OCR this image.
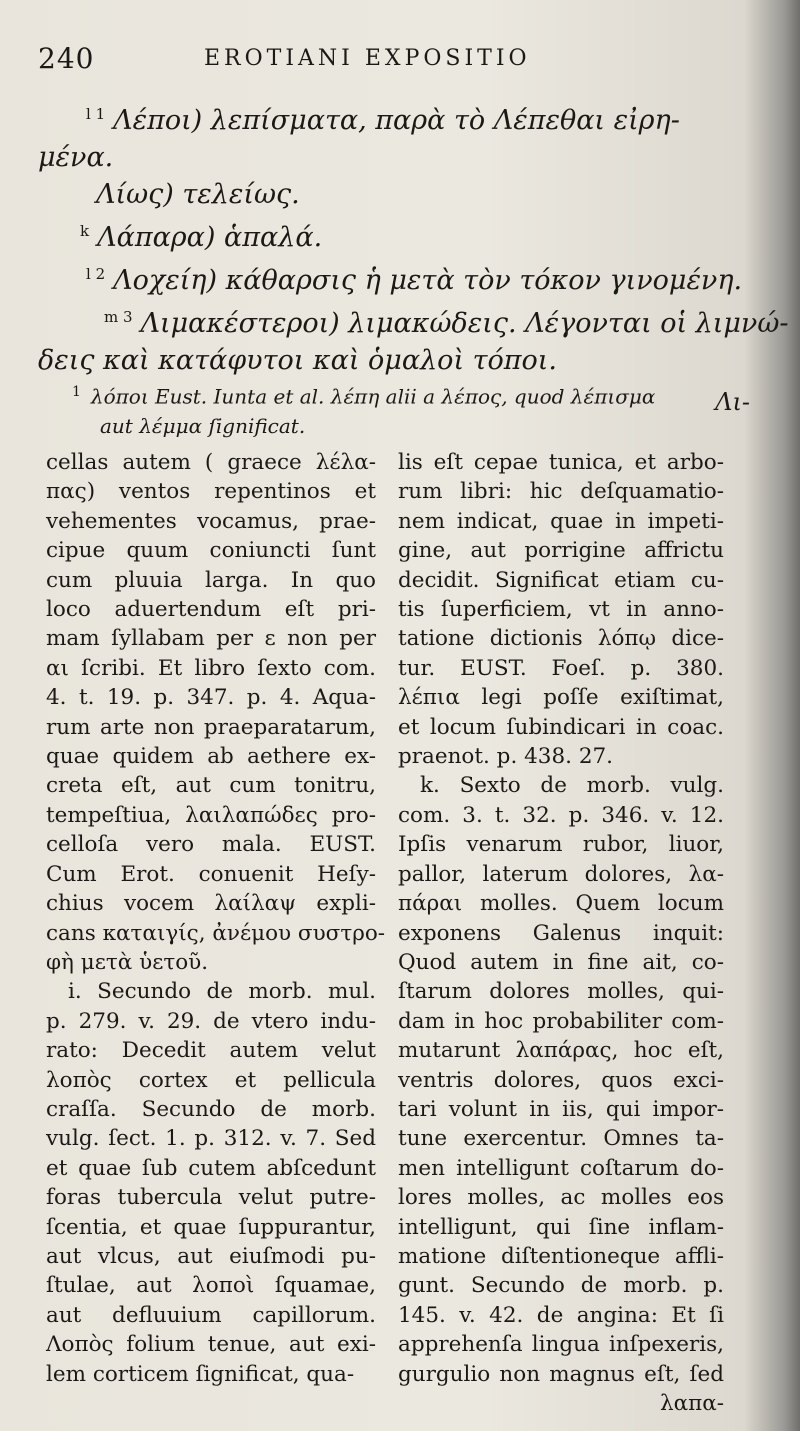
240	EROTIANI EXPOSITIO
$^{l 1}$ Λέποι) λεπίσματα, παρὰ τὸ Λέπεθαι εἰρη-
μένα.
Λίως) τελείως.
$^k$ Λάπαρα) ἁπαλά.
$^{l 2}$ Λοχείη) κάθαρσις ἡ μετὰ τὸν τόκον γινομένη.
$^{m 3}$ Λιμακέστεροι) λιμακώδεις. Λέγονται οἱ λιμνώ-
δεις καὶ κατάφυτοι καὶ ὁμαλοὶ τόποι.
Λι-
$^1$ λόποι Eust. Iunta et al. λέπη alii a λέπος, quod λέπισμα
aut λέμμα ſignificat.
cellas autem ( graece λέλα-
πας) ventos repentinos et
vehementes vocamus, prae-
cipue quum coniuncti ſunt
cum pluuia larga. In quo
loco aduertendum eſt pri-
mam ſyllabam per ε non per
αι ſcribi. Et libro ſexto com.
4. t. 19. p. 347. p. 4. Aqua-
rum arte non praeparatarum,
quae quidem ab aethere ex-
creta eſt, aut cum tonitru,
tempeſtiua, λαιλαπώδες pro-
celloſa vero mala. EUST.
Cum Erot. conuenit Heſy-
chius vocem λαίλαψ expli-
cans καταιγίς, ἀνέμου συστρο-
φὴ μετὰ ὑετοῦ.
i. Secundo de morb. mul.
p. 279. v. 29. de vtero indu-
rato: Decedit autem velut
λοπὸς cortex et pellicula
craſſa. Secundo de morb.
vulg. ſect. 1. p. 312. v. 7. Sed
et quae ſub cutem abſcedunt
foras tubercula velut putre-
ſcentia, et quae ſuppurantur,
aut vlcus, aut eiuſmodi pu-
ſtulae, aut λοποὶ ſquamae,
aut defluuium capillorum.
Λοπὸς folium tenue, aut exi-
lem corticem ſignificat, qua-
lis eſt cepae tunica, et arbo-
rum libri: hic deſquamatio-
nem indicat, quae in impeti-
gine, aut porrigine affrictu
decidit. Significat etiam cu-
tis ſuperficiem, vt in anno-
tatione dictionis λόπῳ dice-
tur. EUST. Foeſ. p. 380.
λέπια legi poſſe exiſtimat,
et locum ſubindicari in coac.
praenot. p. 438. 27.
k. Sexto de morb. vulg.
com. 3. t. 32. p. 346. v. 12.
Ipſis venarum rubor, liuor,
pallor, laterum dolores, λα-
πάραι molles. Quem locum
exponens Galenus inquit:
Quod autem in fine ait, co-
ſtarum dolores molles, qui-
dam in hoc probabiliter com-
mutarunt λαπάρας, hoc eſt,
ventris dolores, quos exci-
tari volunt in iis, qui impor-
tune exercentur. Omnes ta-
men intelligunt coſtarum do-
lores molles, ac molles eos
intelligunt, qui ſine inflam-
matione diſtentioneque affli-
gunt. Secundo de morb. p.
145. v. 42. de angina: Et ſi
apprehenſa lingua inſpexeris,
gurgulio non magnus eſt, ſed
λαπα-
